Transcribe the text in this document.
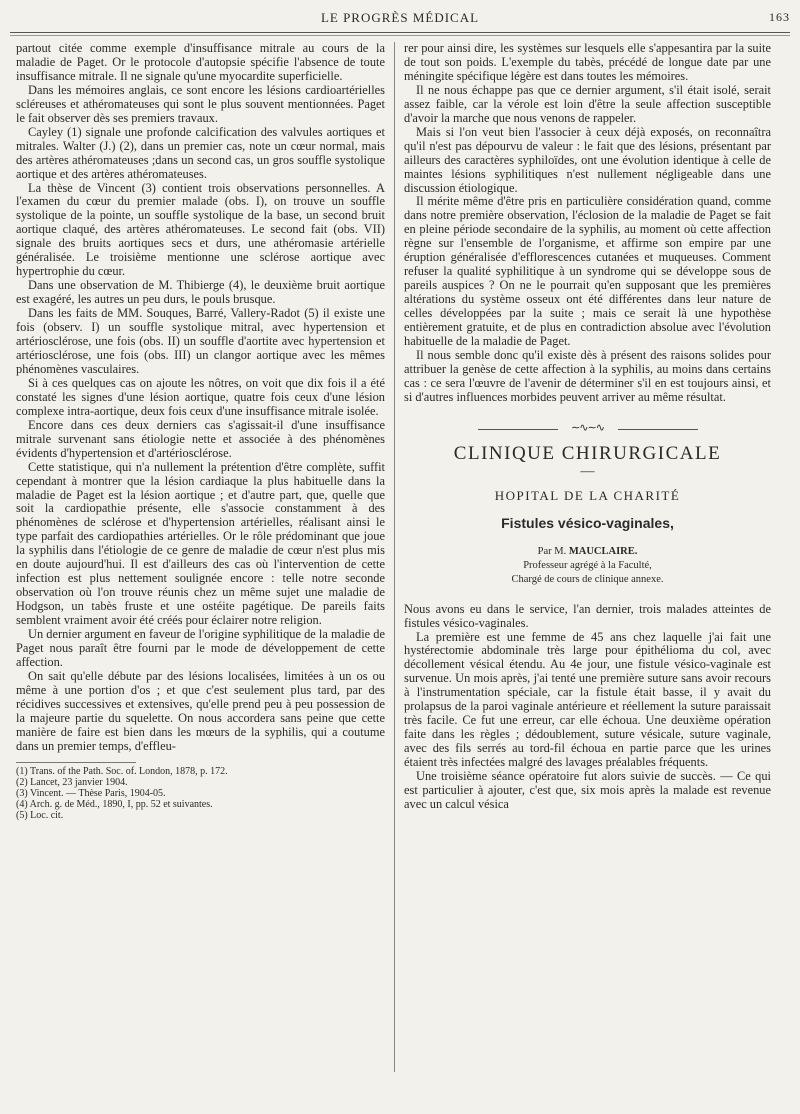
LE PROGRÈS MÉDICAL	163

partout citée comme exemple d'insuffisance mitrale au cours de la maladie de Paget. Or le protocole d'autopsie spécifie l'absence de toute insuffisance mitrale. Il ne signale qu'une myocardite superficielle.

Dans les mémoires anglais, ce sont encore les lésions cardioartérielles scléreuses et athéromateuses qui sont le plus souvent mentionnées. Paget le fait observer dès ses premiers travaux.

Cayley (1) signale une profonde calcification des valvules aortiques et mitrales. Walter (J.) (2), dans un premier cas, note un cœur normal, mais des artères athéromateuses ;dans un second cas, un gros souffle systolique aortique et des artères athéromateuses.

La thèse de Vincent (3) contient trois observations personnelles. A l'examen du cœur du premier malade (obs. I), on trouve un souffle systolique de la pointe, un souffle systolique de la base, un second bruit aortique claqué, des artères athéromateuses. Le second fait (obs. VII) signale des bruits aortiques secs et durs, une athéromasie artérielle généralisée. Le troisième mentionne une sclérose aortique avec hypertrophie du cœur.

Dans une observation de M. Thibierge (4), le deuxième bruit aortique est exagéré, les autres un peu durs, le pouls brusque.

Dans les faits de MM. Souques, Barré, Vallery-Radot (5) il existe une fois (observ. I) un souffle systolique mitral, avec hypertension et artériosclérose, une fois (obs. II) un souffle d'aortite avec hypertension et artériosclérose, une fois (obs. III) un clangor aortique avec les mêmes phénomènes vasculaires.

Si à ces quelques cas on ajoute les nôtres, on voit que dix fois il a été constaté les signes d'une lésion aortique, quatre fois ceux d'une lésion complexe intra-aortique, deux fois ceux d'une insuffisance mitrale isolée.

Encore dans ces deux derniers cas s'agissait-il d'une insuffisance mitrale survenant sans étiologie nette et associée à des phénomènes évidents d'hypertension et d'artériosclérose.

Cette statistique, qui n'a nullement la prétention d'être complète, suffit cependant à montrer que la lésion cardiaque la plus habituelle dans la maladie de Paget est la lésion aortique ; et d'autre part, que, quelle que soit la cardiopathie présente, elle s'associe constamment à des phénomènes de sclérose et d'hypertension artérielles, réalisant ainsi le type parfait des cardiopathies artérielles. Or le rôle prédominant que joue la syphilis dans l'étiologie de ce genre de maladie de cœur n'est plus mis en doute aujourd'hui. Il est d'ailleurs des cas où l'intervention de cette infection est plus nettement soulignée encore : telle notre seconde observation où l'on trouve réunis chez un même sujet une maladie de Hodgson, un tabès fruste et une ostéite pagétique. De pareils faits semblent vraiment avoir été créés pour éclairer notre religion.

Un dernier argument en faveur de l'origine syphilitique de la maladie de Paget nous paraît être fourni par le mode de développement de cette affection.

On sait qu'elle débute par des lésions localisées, limitées à un os ou même à une portion d'os ; et que c'est seulement plus tard, par des récidives successives et extensives, qu'elle prend peu à peu possession de la majeure partie du squelette. On nous accordera sans peine que cette manière de faire est bien dans les mœurs de la syphilis, qui a coutume dans un premier temps, d'effleu-

(1) Trans. of the Path. Soc. of. London, 1878, p. 172.
(2) Lancet, 23 janvier 1904.
(3) Vincent. — Thèse Paris, 1904-05.
(4) Arch. g. de Méd., 1890, I, pp. 52 et suivantes.
(5) Loc. cit.

rer pour ainsi dire, les systèmes sur lesquels elle s'appesantira par la suite de tout son poids. L'exemple du tabès, précédé de longue date par une méningite spécifique légère est dans toutes les mémoires.

Il ne nous échappe pas que ce dernier argument, s'il était isolé, serait assez faible, car la vérole est loin d'être la seule affection susceptible d'avoir la marche que nous venons de rappeler.

Mais si l'on veut bien l'associer à ceux déjà exposés, on reconnaîtra qu'il n'est pas dépourvu de valeur : le fait que des lésions, présentant par ailleurs des caractères syphiloïdes, ont une évolution identique à celle de maintes lésions syphilitiques n'est nullement négligeable dans une discussion étiologique.

Il mérite même d'être pris en particulière considération quand, comme dans notre première observation, l'éclosion de la maladie de Paget se fait en pleine période secondaire de la syphilis, au moment où cette affection règne sur l'ensemble de l'organisme, et affirme son empire par une éruption généralisée d'efflorescences cutanées et muqueuses. Comment refuser la qualité syphilitique à un syndrome qui se développe sous de pareils auspices ? On ne le pourrait qu'en supposant que les premières altérations du système osseux ont été différentes dans leur nature de celles développées par la suite ; mais ce serait là une hypothèse entièrement gratuite, et de plus en contradiction absolue avec l'évolution habituelle de la maladie de Paget.

Il nous semble donc qu'il existe dès à présent des raisons solides pour attribuer la genèse de cette affection à la syphilis, au moins dans certains cas : ce sera l'œuvre de l'avenir de déterminer s'il en est toujours ainsi, et si d'autres influences morbides peuvent arriver au même résultat.

∼∿∼∿
CLINIQUE CHIRURGICALE
—
HOPITAL DE LA CHARITÉ
Fistules vésico-vaginales,
Par M. MAUCLAIRE.
Professeur agrégé à la Faculté,
Chargé de cours de clinique annexe.

Nous avons eu dans le service, l'an dernier, trois malades atteintes de fistules vésico-vaginales.

La première est une femme de 45 ans chez laquelle j'ai fait une hystérectomie abdominale très large pour épithélioma du col, avec décollement vésical étendu. Au 4e jour, une fistule vésico-vaginale est survenue. Un mois après, j'ai tenté une première suture sans avoir recours à l'instrumentation spéciale, car la fistule était basse, il y avait du prolapsus de la paroi vaginale antérieure et réellement la suture paraissait très facile. Ce fut une erreur, car elle échoua. Une deuxième opération faite dans les règles ; dédoublement, suture vésicale, suture vaginale, avec des fils serrés au tord-fil échoua en partie parce que les urines étaient très infectées malgré des lavages préalables fréquents.

Une troisième séance opératoire fut alors suivie de succès. — Ce qui est particulier à ajouter, c'est que, six mois après la malade est revenue avec un calcul vésica
